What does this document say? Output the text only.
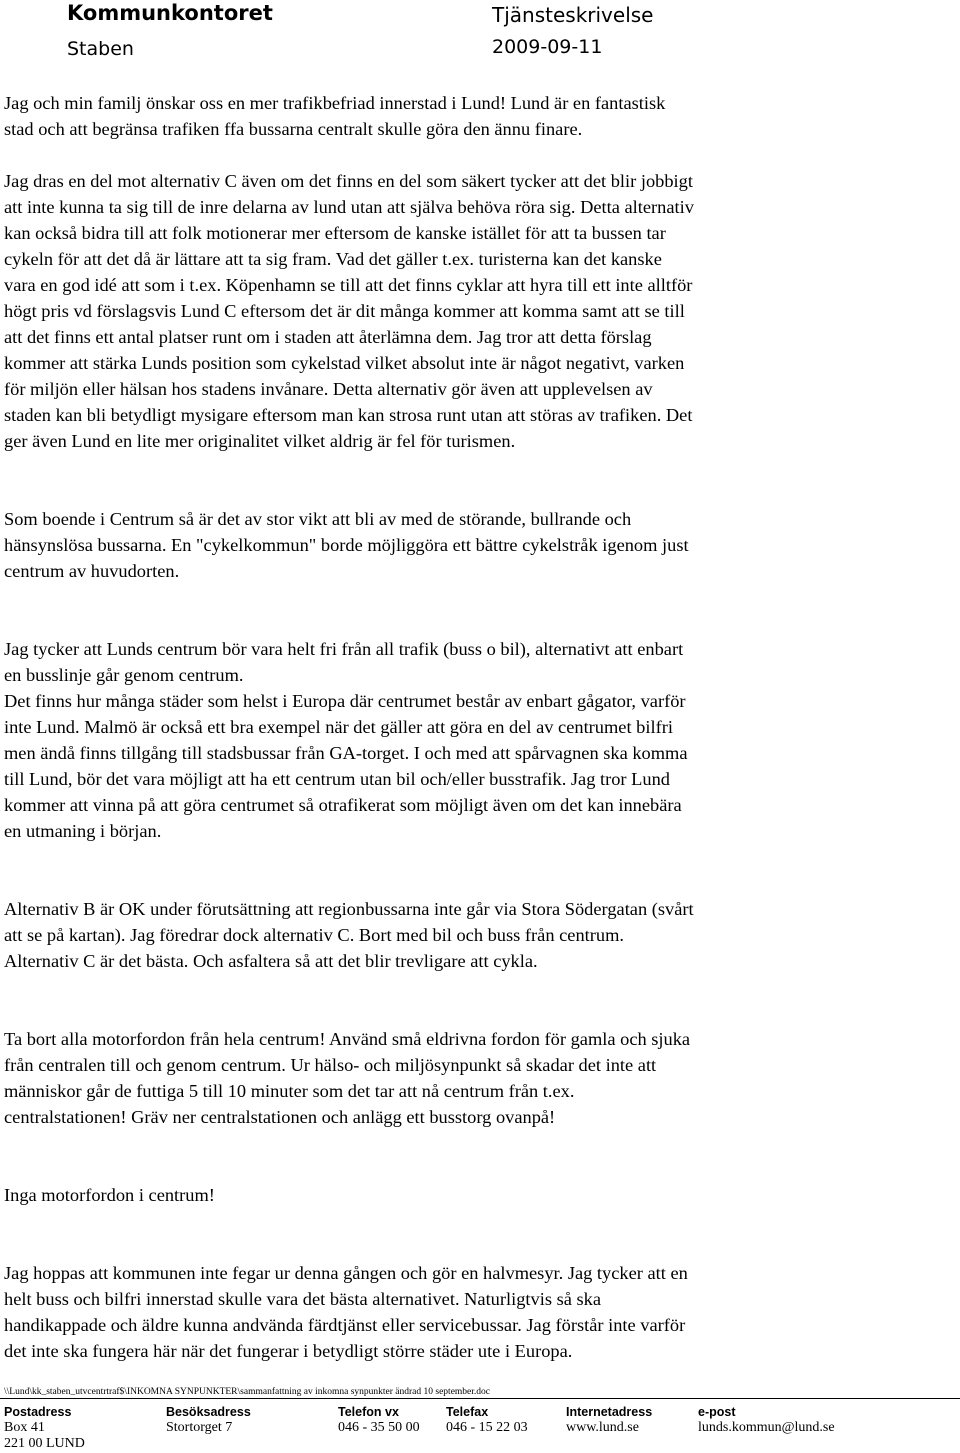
Kommunkontoret
Staben
Tjänsteskrivelse
2009-09-11

Jag och min familj önskar oss en mer trafikbefriad innerstad i Lund! Lund är en fantastisk
stad och att begränsa trafiken ffa bussarna centralt skulle göra den ännu finare.

Jag dras en del mot alternativ C även om det finns en del som säkert tycker att det blir jobbigt
att inte kunna ta sig till de inre delarna av lund utan att själva behöva röra sig. Detta alternativ
kan också bidra till att folk motionerar mer eftersom de kanske istället för att ta bussen tar
cykeln för att det då är lättare att ta sig fram. Vad det gäller t.ex. turisterna kan det kanske
vara en god idé att som i t.ex. Köpenhamn se till att det finns cyklar att hyra till ett inte alltför
högt pris vd förslagsvis Lund C eftersom det är dit många kommer att komma samt att se till
att det finns ett antal platser runt om i staden att återlämna dem. Jag tror att detta förslag
kommer att stärka Lunds position som cykelstad vilket absolut inte är något negativt, varken
för miljön eller hälsan hos stadens invånare. Detta alternativ gör även att upplevelsen av
staden kan bli betydligt mysigare eftersom man kan strosa runt utan att störas av trafiken. Det
ger även Lund en lite mer originalitet vilket aldrig är fel för turismen.

Som boende i Centrum så är det av stor vikt att bli av med de störande, bullrande och
hänsynslösa bussarna. En "cykelkommun" borde möjliggöra ett bättre cykelstråk igenom just
centrum av huvudorten.

Jag tycker att Lunds centrum bör vara helt fri från all trafik (buss o bil), alternativt att enbart
en busslinje går genom centrum.
Det finns hur många städer som helst i Europa där centrumet består av enbart gågator, varför
inte Lund. Malmö är också ett bra exempel när det gäller att göra en del av centrumet bilfri
men ändå finns tillgång till stadsbussar från GA-torget. I och med att spårvagnen ska komma
till Lund, bör det vara möjligt att ha ett centrum utan bil och/eller busstrafik. Jag tror Lund
kommer att vinna på att göra centrumet så otrafikerat som möjligt även om det kan innebära
en utmaning i början.

Alternativ B är OK under förutsättning att regionbussarna inte går via Stora Södergatan (svårt
att se på kartan). Jag föredrar dock alternativ C. Bort med bil och buss från centrum.
Alternativ C är det bästa. Och asfaltera så att det blir trevligare att cykla.

Ta bort alla motorfordon från hela centrum! Använd små eldrivna fordon för gamla och sjuka
från centralen till och genom centrum. Ur hälso- och miljösynpunkt så skadar det inte att
människor går de futtiga 5 till 10 minuter som det tar att nå centrum från t.ex.
centralstationen! Gräv ner centralstationen och anlägg ett busstorg ovanpå!

Inga motorfordon i centrum!

Jag hoppas att kommunen inte fegar ur denna gången och gör en halvmesyr. Jag tycker att en
helt buss och bilfri innerstad skulle vara det bästa alternativet. Naturligtvis så ska
handikappade och äldre kunna andvända färdtjänst eller servicebussar. Jag förstår inte varför
det inte ska fungera här när det fungerar i betydligt större städer ute i Europa.

\\Lund\kk_staben_utvcentrtraf$\INKOMNA SYNPUNKTER\sammanfattning av inkomna synpunkter ändrad 10 september.doc
Postadress
Box 41
221 00 LUND
Besöksadress
Stortorget 7
Telefon vx
046 - 35 50 00
Telefax
046 - 15 22 03
Internetadress
www.lund.se
e-post
lunds.kommun@lund.se
